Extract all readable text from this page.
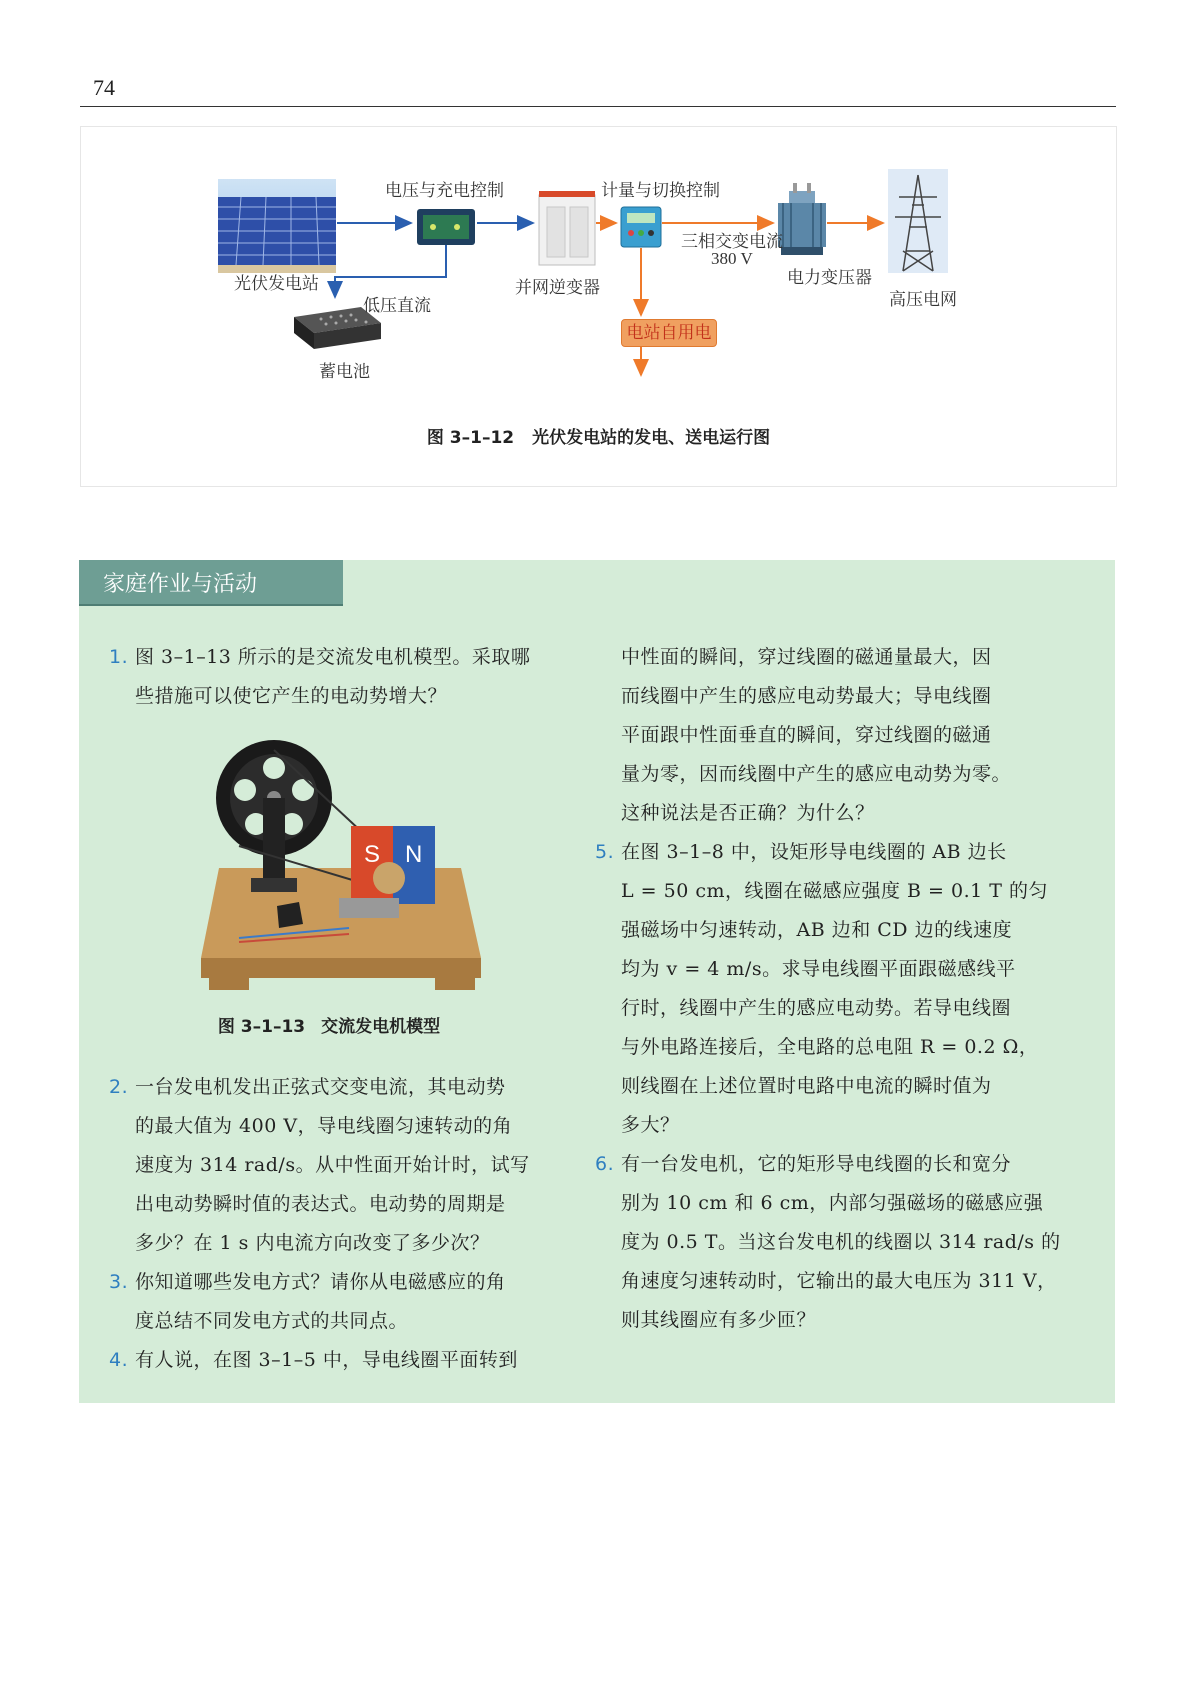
74
光伏发电站
电压与充电控制
低压直流
蓄电池
并网逆变器
计量与切换控制
三相交变电流
380 V
电站自用电
电力变压器
高压电网
图 3–1–12 光伏发电站的发电、送电运行图
家庭作业与活动

1. 图 3–1–13 所示的是交流发电机模型。采取哪

些措施可以使它产生的电动势增大？

S N
图 3–1–13 交流发电机模型

2. 一台发电机发出正弦式交变电流，其电动势

的最大值为 400 V，导电线圈匀速转动的角

速度为 314 rad/s。从中性面开始计时，试写

出电动势瞬时值的表达式。电动势的周期是

多少？在 1 s 内电流方向改变了多少次？

3. 你知道哪些发电方式？请你从电磁感应的角

度总结不同发电方式的共同点。

4. 有人说，在图 3–1–5 中，导电线圈平面转到

中性面的瞬间，穿过线圈的磁通量最大，因

而线圈中产生的感应电动势最大；导电线圈

平面跟中性面垂直的瞬间，穿过线圈的磁通

量为零，因而线圈中产生的感应电动势为零。

这种说法是否正确？为什么？

5. 在图 3–1–8 中，设矩形导电线圈的 AB 边长

L = 50 cm，线圈在磁感应强度 B = 0.1 T 的匀

强磁场中匀速转动，AB 边和 CD 边的线速度

均为 v = 4 m/s。求导电线圈平面跟磁感线平

行时，线圈中产生的感应电动势。若导电线圈

与外电路连接后，全电路的总电阻 R = 0.2 Ω，

则线圈在上述位置时电路中电流的瞬时值为

多大？

6. 有一台发电机，它的矩形导电线圈的长和宽分

别为 10 cm 和 6 cm，内部匀强磁场的磁感应强

度为 0.5 T。当这台发电机的线圈以 314 rad/s 的

角速度匀速转动时，它输出的最大电压为 311 V，

则其线圈应有多少匝？
